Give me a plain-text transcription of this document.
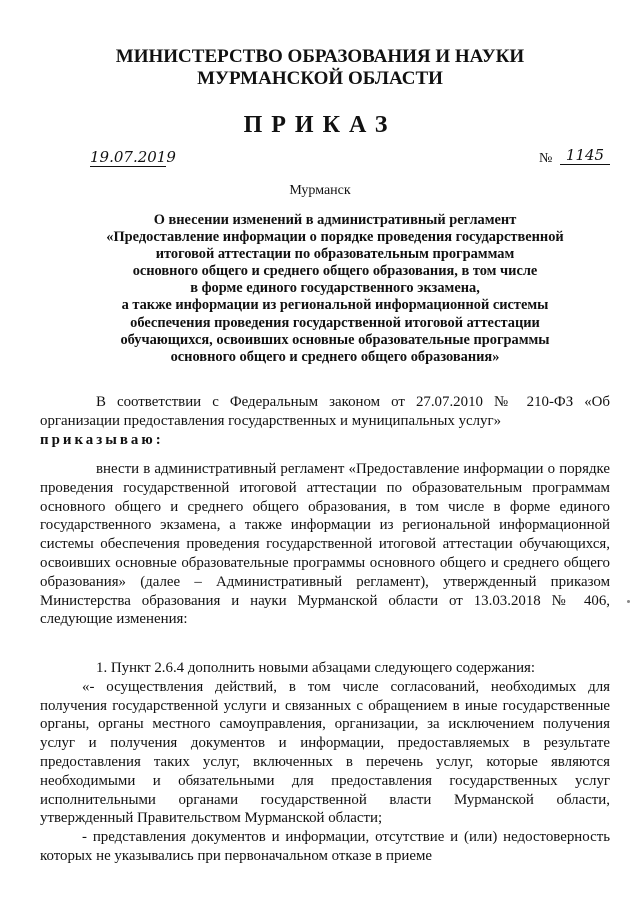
МИНИСТЕРСТВО ОБРАЗОВАНИЯ И НАУКИ
МУРМАНСКОЙ ОБЛАСТИ
ПРИКАЗ
19.07.2019	№ 1145
Мурманск
О внесении изменений в административный регламент
«Предоставление информации о порядке проведения государственной
итоговой аттестации по образовательным программам
основного общего и среднего общего образования, в том числе
в форме единого государственного экзамена,
а также информации из региональной информационной системы
обеспечения проведения государственной итоговой аттестации
обучающихся, освоивших основные образовательные программы
основного общего и среднего общего образования»

В соответствии с Федеральным законом от 27.07.2010 № 210-ФЗ «Об организации предоставления государственных и муниципальных услуг»

приказываю:

внести в административный регламент «Предоставление информации о порядке проведения государственной итоговой аттестации по образовательным программам основного общего и среднего общего образования, в том числе в форме единого государственного экзамена, а также информации из региональной информационной системы обеспечения проведения государственной итоговой аттестации обучающихся, освоивших основные образовательные программы основного общего и среднего общего образования» (далее – Административный регламент), утвержденный приказом Министерства образования и науки Мурманской области от 13.03.2018 № 406, следующие изменения:

1. Пункт 2.6.4 дополнить новыми абзацами следующего содержания:

«- осуществления действий, в том числе согласований, необходимых для получения государственной услуги и связанных с обращением в иные государственные органы, органы местного самоуправления, организации, за исключением получения услуг и получения документов и информации, предоставляемых в результате предоставления таких услуг, включенных в перечень услуг, которые являются необходимыми и обязательными для предоставления государственных услуг исполнительными органами государственной власти Мурманской области, утвержденный Правительством Мурманской области;

- представления документов и информации, отсутствие и (или) недостоверность которых не указывались при первоначальном отказе в приеме
